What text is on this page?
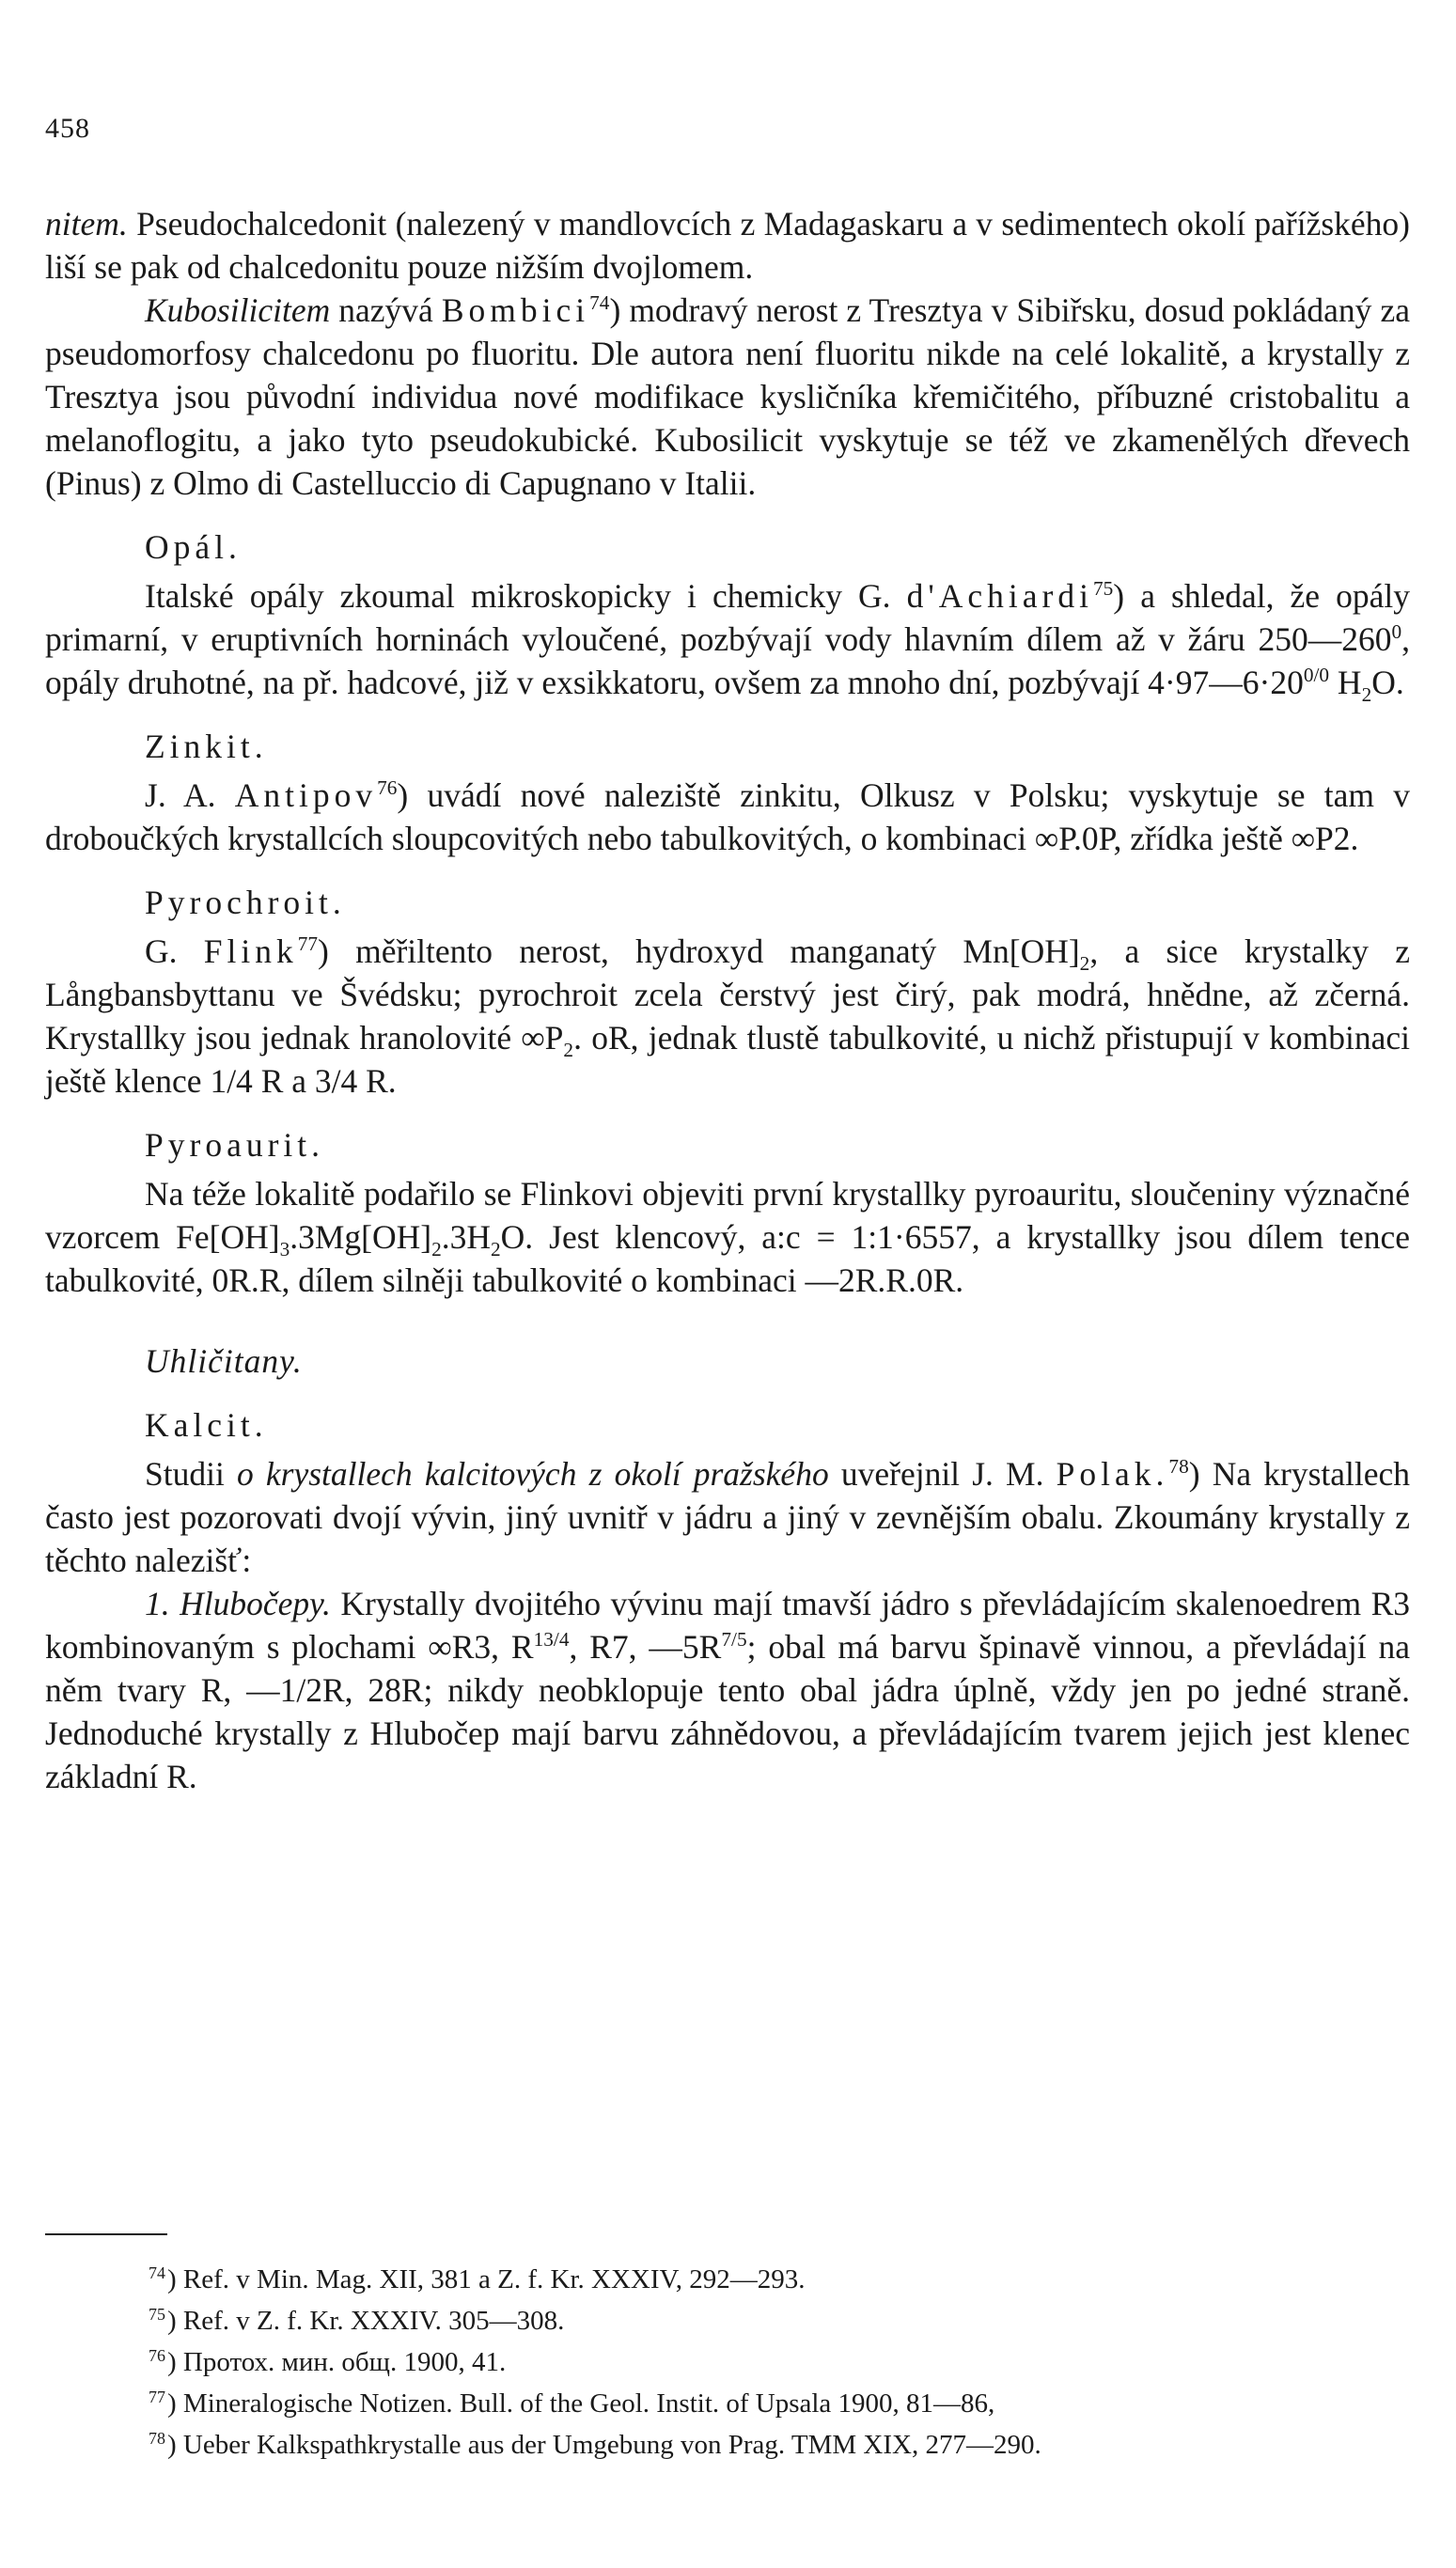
458

nitem. Pseudochalcedonit (nalezený v mandlovcích z Madagaskaru a v sedimentech okolí pařížského) liší se pak od chalcedonitu pouze nižším dvojlomem.

Kubosilicitem nazývá Bombici$^{74}$) modravý nerost z Tresztya v Sibiřsku, dosud pokládaný za pseudomorfosy chalcedonu po fluoritu. Dle autora není fluoritu nikde na celé lokalitě, a krystally z Tresztya jsou původní individua nové modifikace kysličníka křemičitého, příbuzné cristobalitu a melanoflogitu, a jako tyto pseudokubické. Kubosilicit vyskytuje se též ve zkamenělých dřevech (Pinus) z Olmo di Castelluccio di Capugnano v Italii.

Opál.

Italské opály zkoumal mikroskopicky i chemicky G. d'Achiardi$^{75}$) a shledal, že opály primarní, v eruptivních horninách vyloučené, pozbývají vody hlavním dílem až v žáru $250—260^0$, opály druhotné, na př. hadcové, již v exsikkatoru, ovšem za mnoho dní, pozbývají $4\cdot 97—6\cdot 20^{0/0}$ $H_2O$.

Zinkit.

J. A. Antipov$^{76}$) uvádí nové naleziště zinkitu, Olkusz v Polsku; vyskytuje se tam v droboučkých krystallcích sloupcovitých nebo tabulkovitých, o kombinaci ∞P.0P, zřídka ještě ∞P2.

Pyrochroit.

G. Flink$^{77}$) měřiltento nerost, hydroxyd manganatý $Mn[OH]_2$, a sice krystalky z Långbansbyttanu ve Švédsku; pyrochroit zcela čerstvý jest čirý, pak modrá, hnědne, až zčerná. Krystallky jsou jednak hranolovité $\infty P_2$. oR, jednak tlustě tabulkovité, u nichž přistupují v kombinaci ještě klence 1/4 R a 3/4 R.

Pyroaurit.

Na téže lokalitě podařilo se Flinkovi objeviti první krystallky pyroauritu, sloučeniny význačné vzorcem $Fe[OH]_3.3Mg[OH]_2.3H_2O$. Jest klencový, a:c = 1:1·6557, a krystallky jsou dílem tence tabulkovité, 0R.R, dílem silněji tabulkovité o kombinaci —2R.R.0R.

Uhličitany.
Kalcit.

Studii o krystallech kalcitových z okolí pražského uveřejnil J. M. Polak.$^{78}$) Na krystallech často jest pozorovati dvojí vývin, jiný uvnitř v jádru a jiný v zevnějším obalu. Zkoumány krystally z těchto nalezišť:

1. Hlubočepy. Krystally dvojitého vývinu mají tmavší jádro s převládajícím skalenoedrem R3 kombinovaným s plochami ∞R3, $R^{13/4}$, R7, $—5R^{7/5}$; obal má barvu špinavě vinnou, a převládají na něm tvary R, —1/2R, 28R; nikdy neobklopuje tento obal jádra úplně, vždy jen po jedné straně. Jednoduché krystally z Hlubočep mají barvu záhnědovou, a převládajícím tvarem jejich jest klenec základní R.

74) Ref. v Min. Mag. XII, 381 a Z. f. Kr. XXXIV, 292—293.

75) Ref. v Z. f. Kr. XXXIV. 305—308.

76) Протох. мин. общ. 1900, 41.

77) Mineralogische Notizen. Bull. of the Geol. Instit. of Upsala 1900, 81—86,

78) Ueber Kalkspathkrystalle aus der Umgebung von Prag. TMM XIX, 277—290.
